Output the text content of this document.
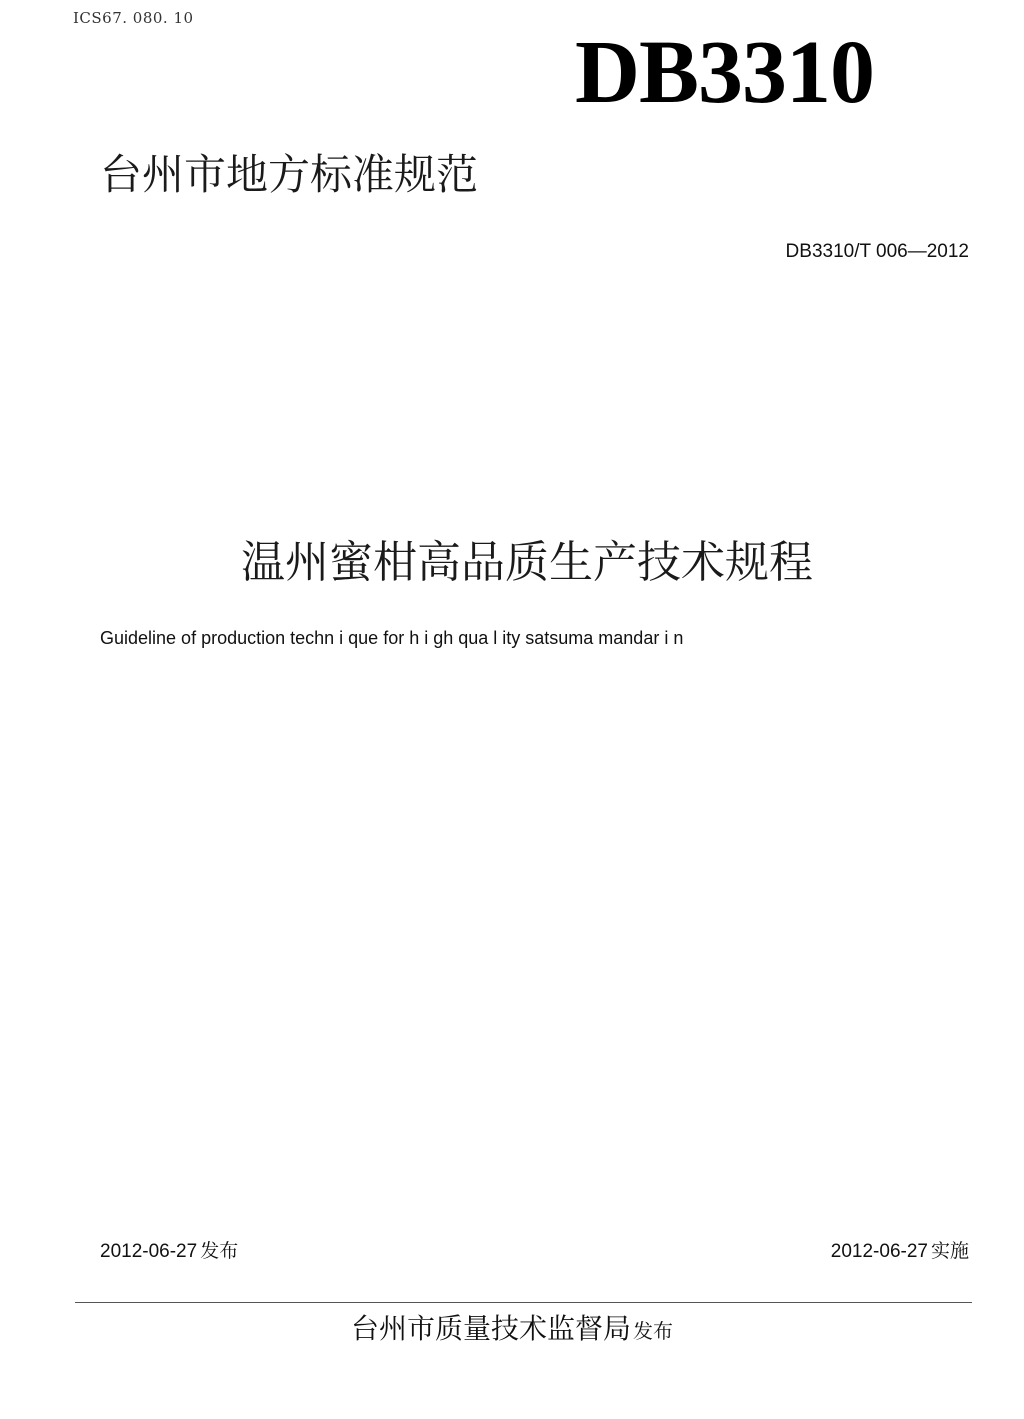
ICS67. 080. 10
DB3310
台州市地方标准规范
DB3310/T 006—2012
温州蜜柑高品质生产技术规程
Guideline of production techn i que for h i gh qua l ity satsuma mandar i n
2012-06-27 发布	2012-06-27 实施
台州市质量技术监督局 发布
